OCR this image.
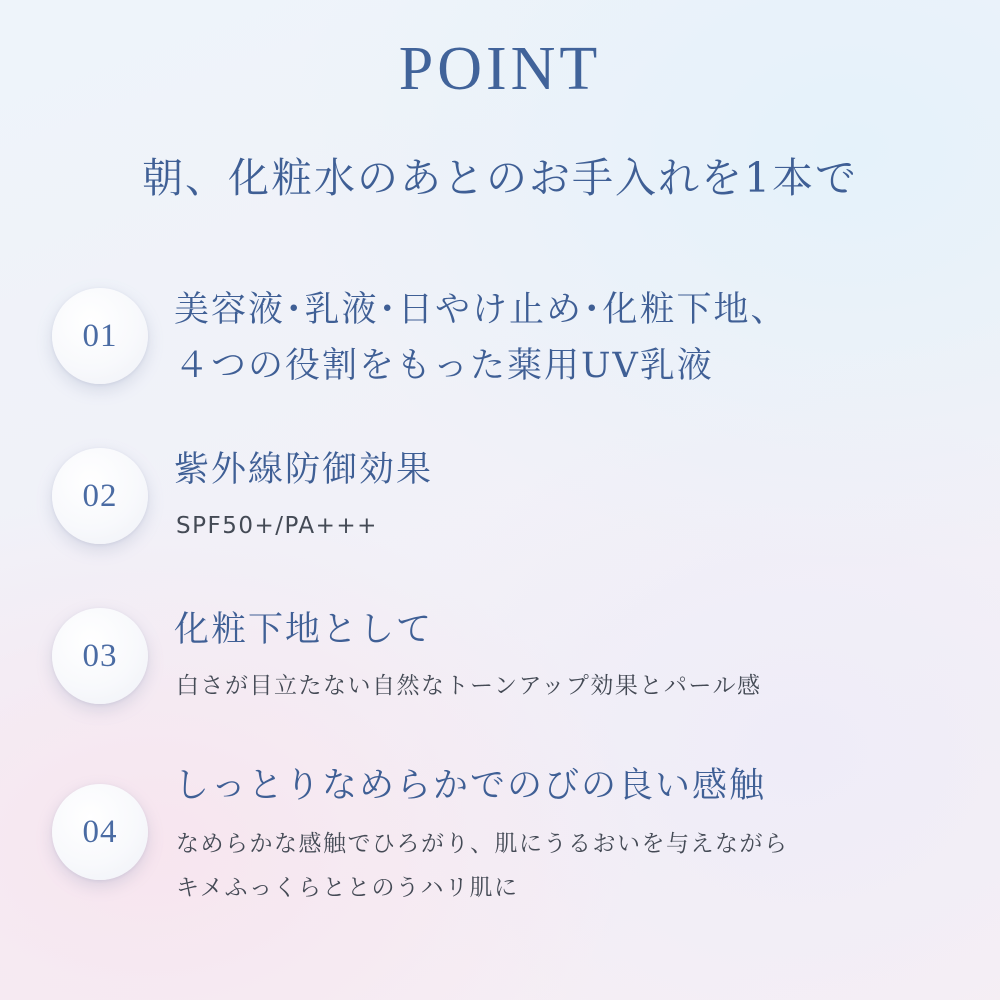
POINT
朝、化粧水のあとのお手入れを1本で
01
美容液･乳液･日やけ止め･化粧下地、
４つの役割をもった薬用UV乳液
02
紫外線防御効果
SPF50+/PA+++
03
化粧下地として
白さが目立たない自然なトーンアップ効果とパール感
04
しっとりなめらかでのびの良い感触
なめらかな感触でひろがり、肌にうるおいを与えながら
キメふっくらととのうハリ肌に
